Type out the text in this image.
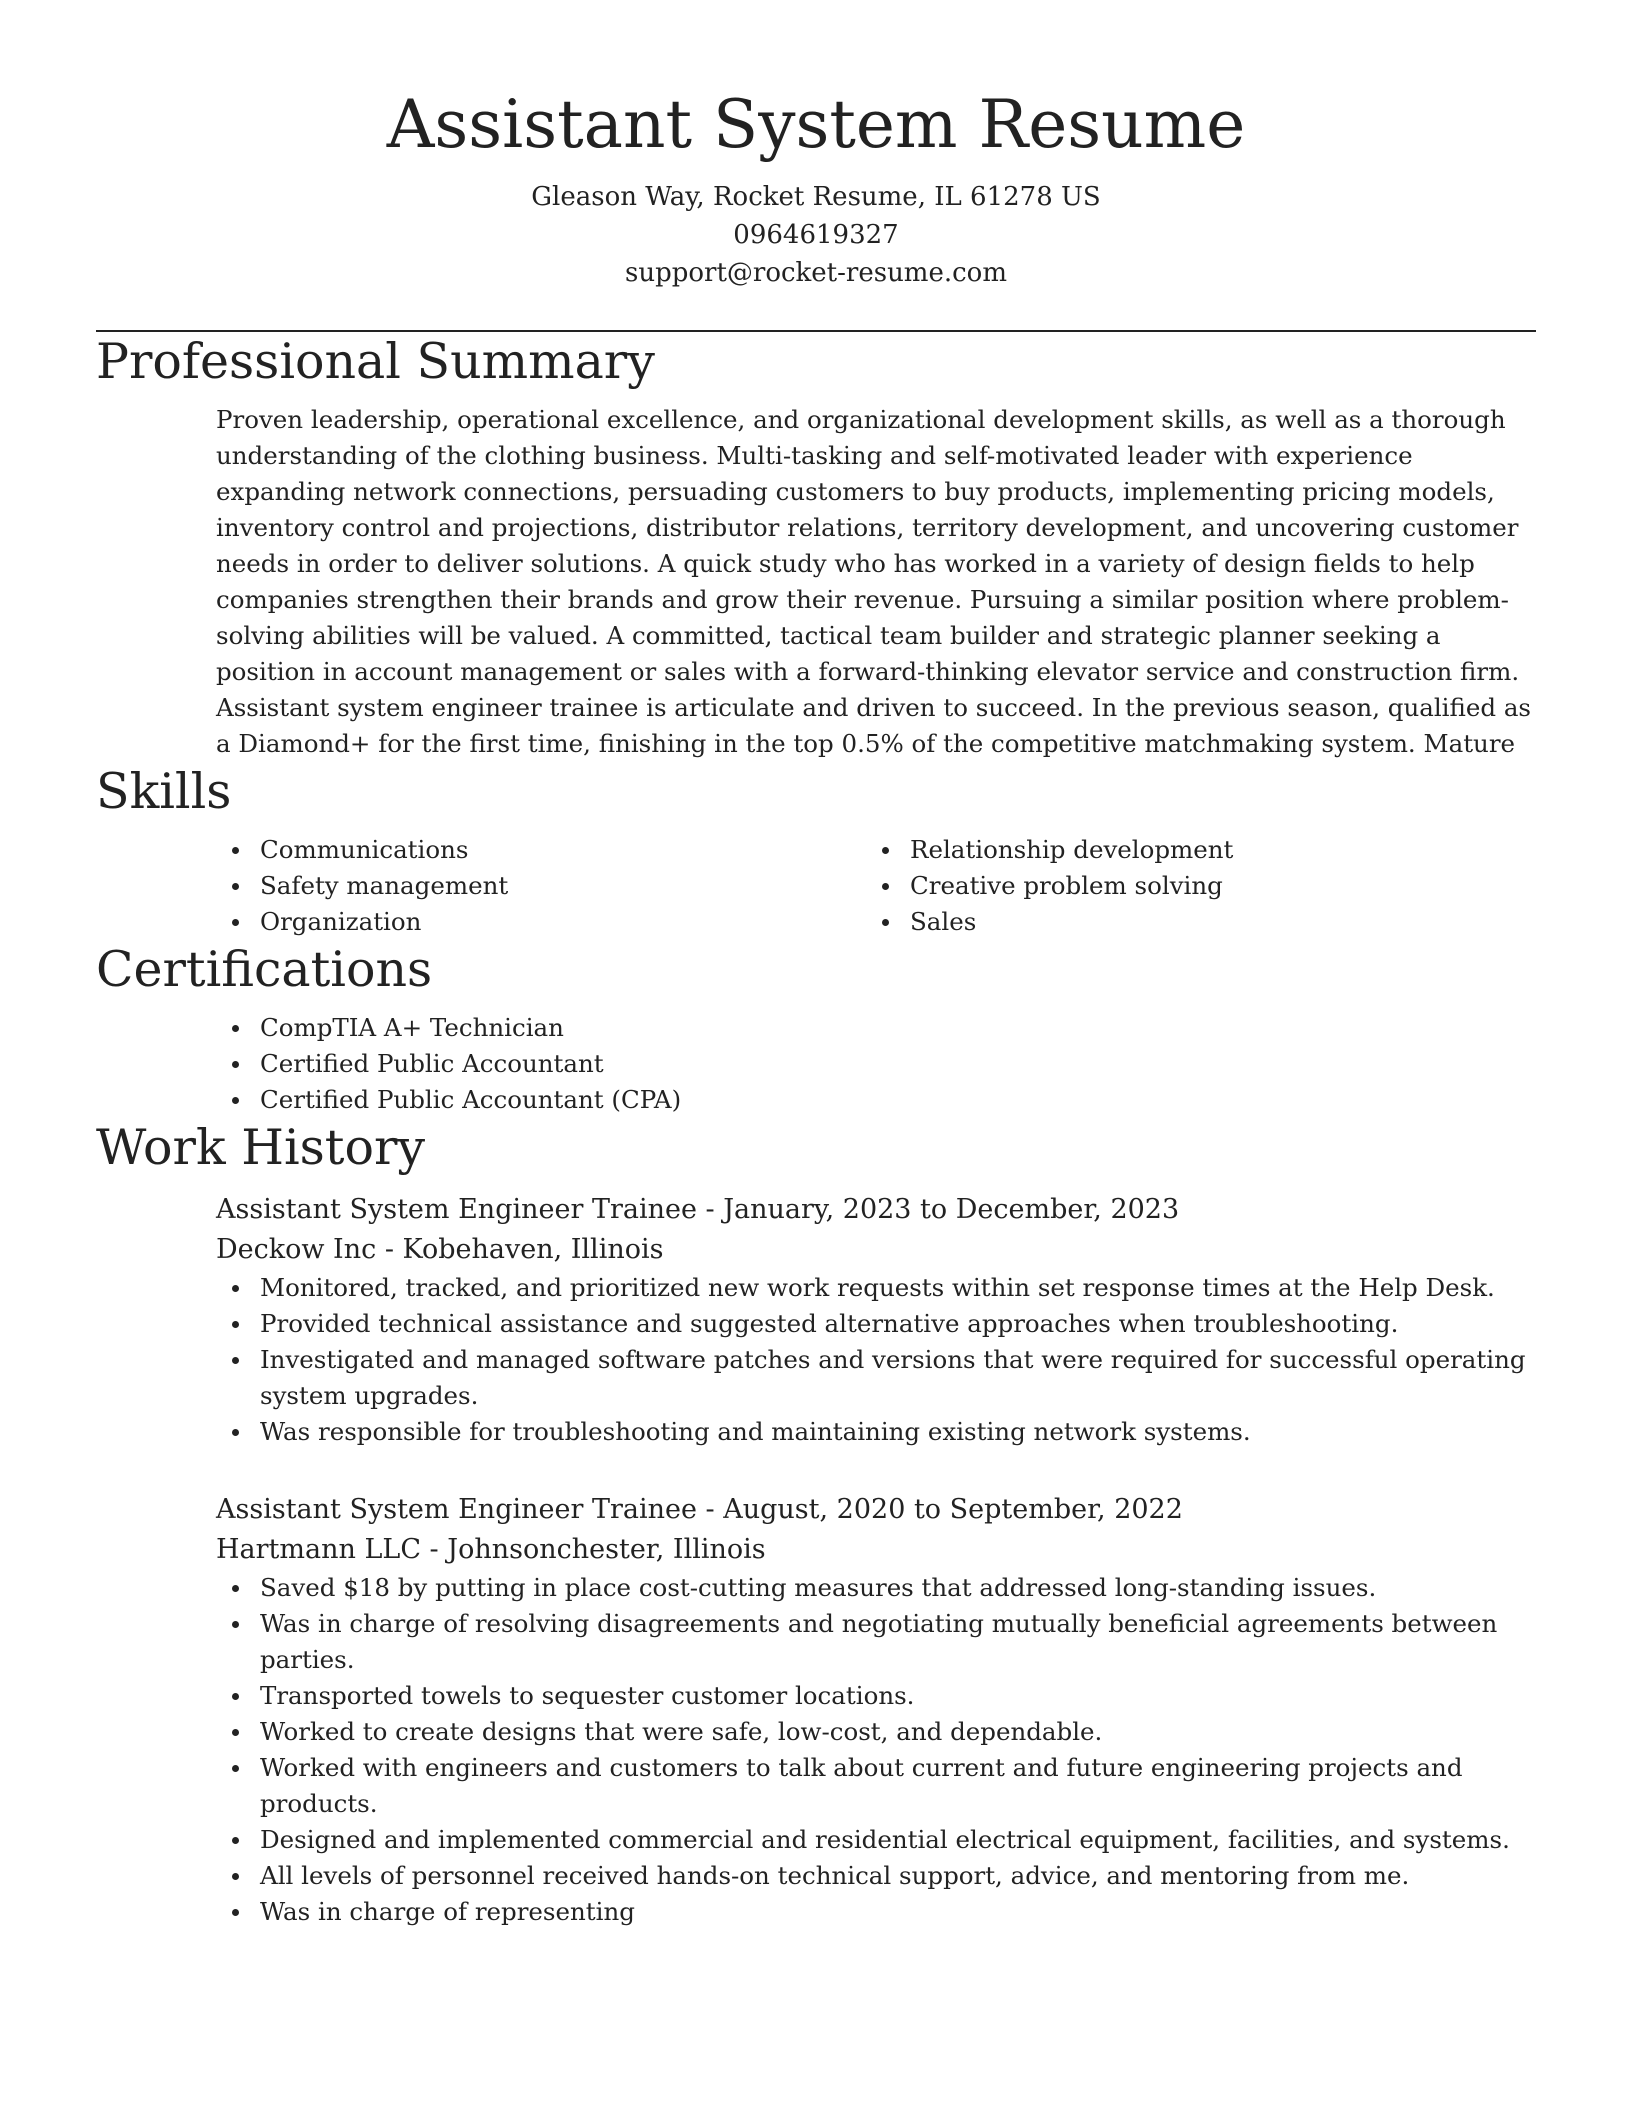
Assistant System Resume
Gleason Way, Rocket Resume, IL 61278 US
0964619327
support@rocket-resume.com
Professional Summary

Proven leadership, operational excellence, and organizational development skills, as well as a thorough understanding of the clothing business. Multi-tasking and self-motivated leader with experience expanding network connections, persuading customers to buy products, implementing pricing models, inventory control and projections, distributor relations, territory development, and uncovering customer needs in order to deliver solutions. A quick study who has worked in a variety of design fields to help companies strengthen their brands and grow their revenue. Pursuing a similar position where problem-solving abilities will be valued. A committed, tactical team builder and strategic planner seeking a position in account management or sales with a forward-thinking elevator service and construction firm. Assistant system engineer trainee is articulate and driven to succeed. In the previous season, qualified as a Diamond+ for the first time, finishing in the top 0.5% of the competitive matchmaking system. Mature

Skills
Communications
Safety management
Organization
Relationship development
Creative problem solving
Sales
Certifications
CompTIA A+ Technician
Certified Public Accountant
Certified Public Accountant (CPA)
Work History
Assistant System Engineer Trainee - January, 2023 to December, 2023
Deckow Inc - Kobehaven, Illinois
Monitored, tracked, and prioritized new work requests within set response times at the Help Desk.
Provided technical assistance and suggested alternative approaches when troubleshooting.
Investigated and managed software patches and versions that were required for successful operating system upgrades.
Was responsible for troubleshooting and maintaining existing network systems.
Assistant System Engineer Trainee - August, 2020 to September, 2022
Hartmann LLC - Johnsonchester, Illinois
Saved $18 by putting in place cost-cutting measures that addressed long-standing issues.
Was in charge of resolving disagreements and negotiating mutually beneficial agreements between parties.
Transported towels to sequester customer locations.
Worked to create designs that were safe, low-cost, and dependable.
Worked with engineers and customers to talk about current and future engineering projects and products.
Designed and implemented commercial and residential electrical equipment, facilities, and systems.
All levels of personnel received hands-on technical support, advice, and mentoring from me.
Was in charge of representing
